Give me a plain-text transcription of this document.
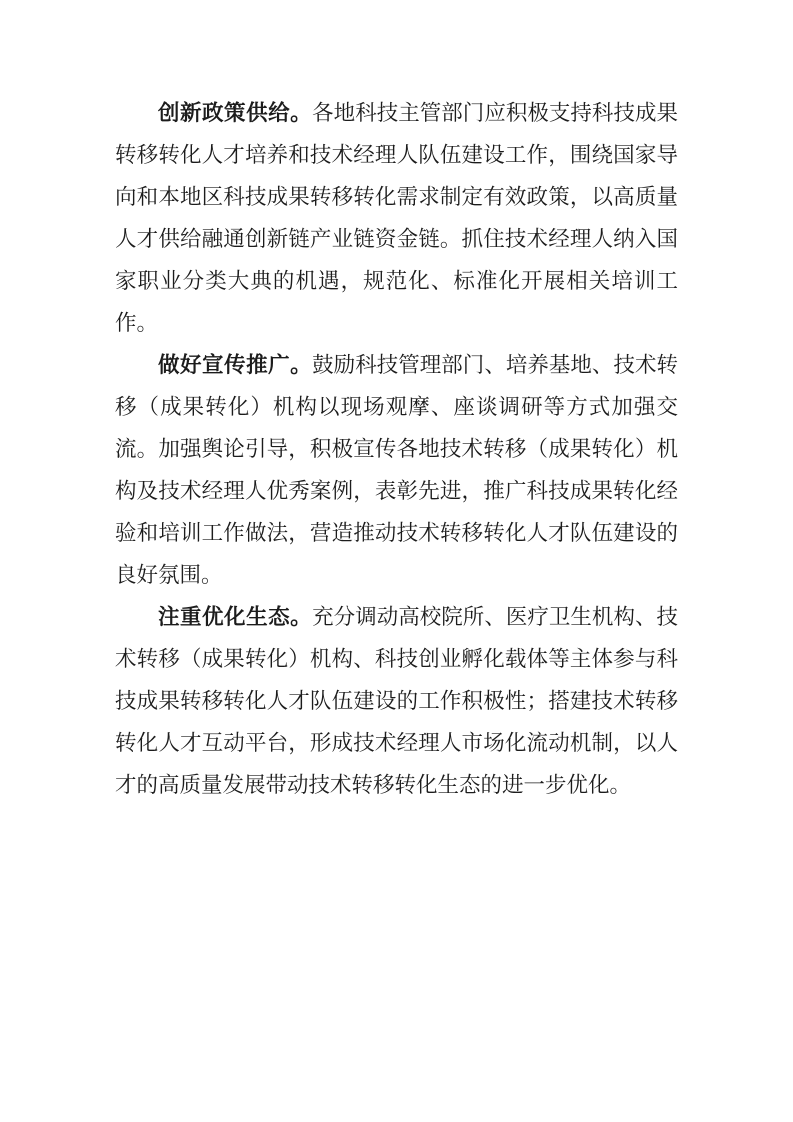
创新政策供给。各地科技主管部门应积极支持科技成果转移转化人才培养和技术经理人队伍建设工作，围绕国家导向和本地区科技成果转移转化需求制定有效政策，以高质量人才供给融通创新链产业链资金链。抓住技术经理人纳入国家职业分类大典的机遇，规范化、标准化开展相关培训工作。

做好宣传推广。鼓励科技管理部门、培养基地、技术转移（成果转化）机构以现场观摩、座谈调研等方式加强交流。加强舆论引导，积极宣传各地技术转移（成果转化）机构及技术经理人优秀案例，表彰先进，推广科技成果转化经验和培训工作做法，营造推动技术转移转化人才队伍建设的良好氛围。

注重优化生态。充分调动高校院所、医疗卫生机构、技术转移（成果转化）机构、科技创业孵化载体等主体参与科技成果转移转化人才队伍建设的工作积极性；搭建技术转移转化人才互动平台，形成技术经理人市场化流动机制，以人才的高质量发展带动技术转移转化生态的进一步优化。
